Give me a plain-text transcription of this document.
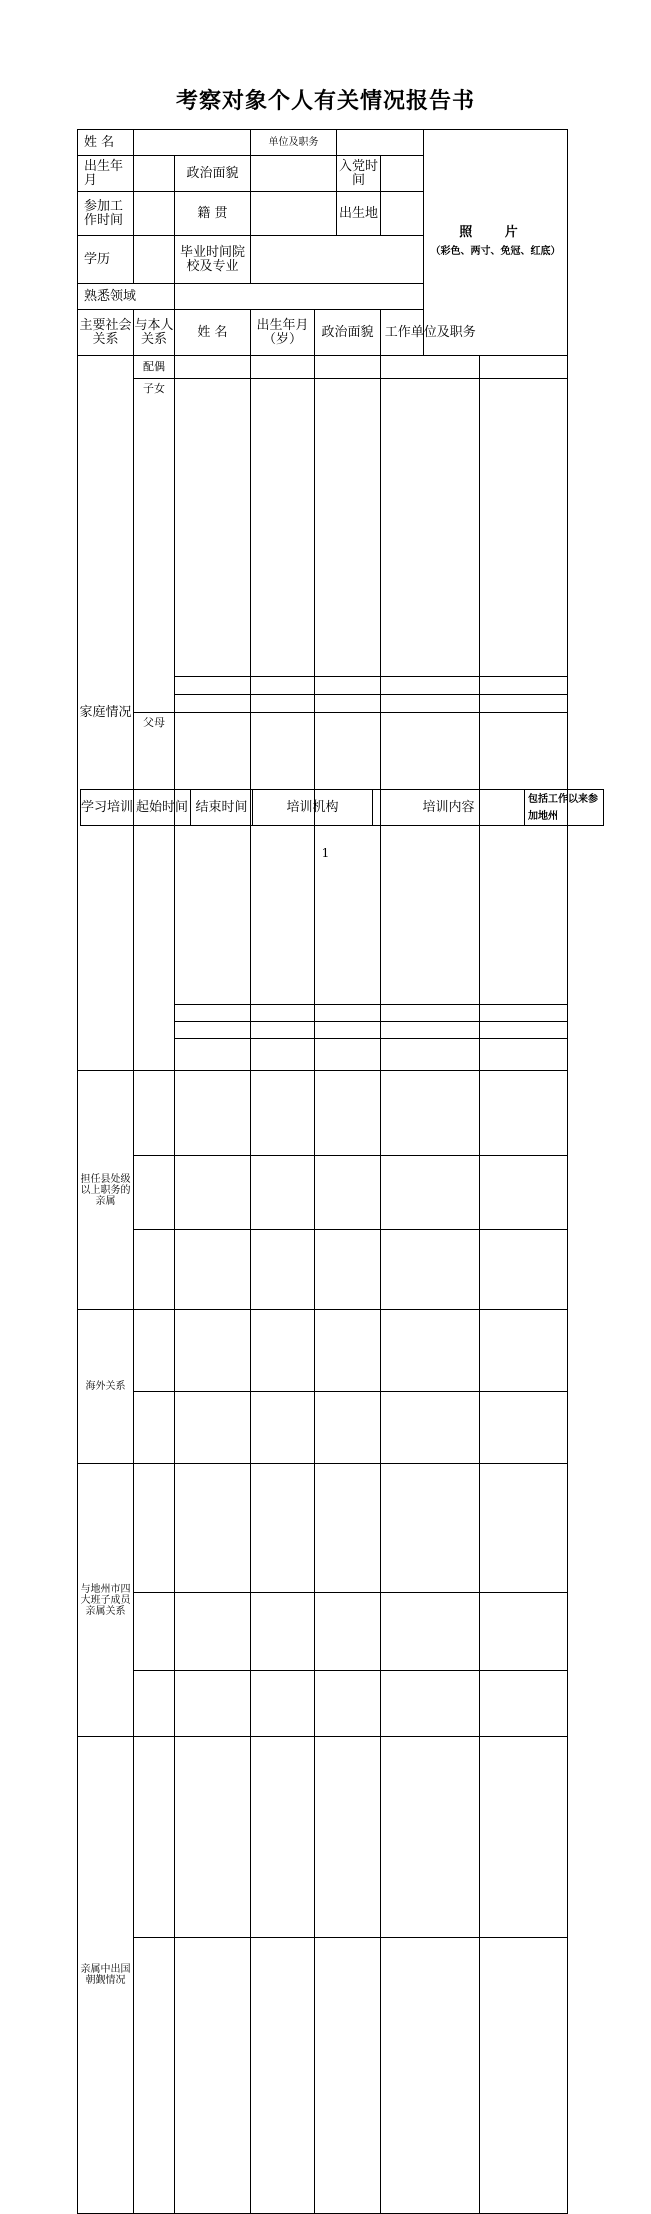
考察对象个人有关情况报告书
姓 名			单位及职务				照 片
（彩色、两寸、免冠、红底）		

出生年月		政治面貌			入党时间				
参加工作时间		籍 贯			出生地				
学历		毕业时间院校及专业							
熟悉领域									
主要社会关系	与本人关系	姓 名	出生年月（岁）	政治面貌		工作单位及职务		
家庭情况	配偶						
	子女								

	父母								

担任县处级以上职务的亲属							

海外关系							

与地州市四大班子成员亲属关系							

亲属中出国朝觐情况							

学习培训	起始时间	结束时间	培训机构	培训内容	包括工作以来参加地州
1
